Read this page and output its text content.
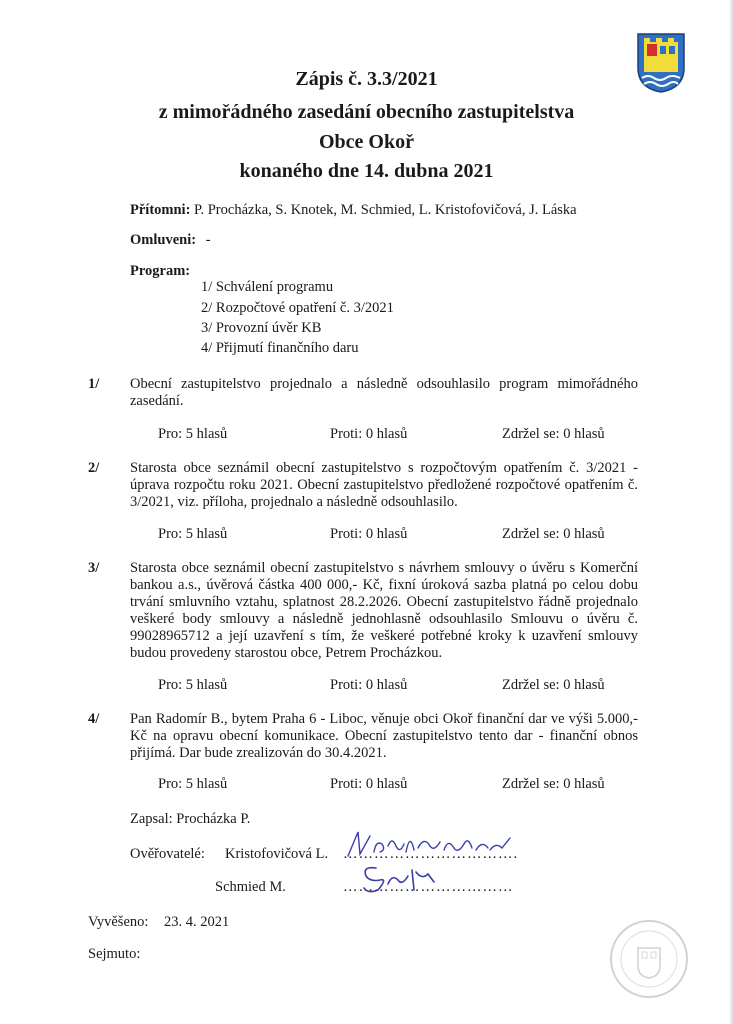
Zápis č. 3.3/2021
z mimořádného zasedání obecního zastupitelstva
Obce Okoř
konaného dne 14. dubna 2021
Přítomni: P. Procházka, S. Knotek, M. Schmied, L. Kristofovičová, J. Láska
Omluveni: -
Program:
1/ Schválení programu
2/ Rozpočtové opatření č. 3/2021
3/ Provozní úvěr KB
4/ Přijmutí finančního daru
1/ Obecní zastupitelstvo projednalo a následně odsouhlasilo program mimořádného
zasedání.
Pro: 5 hlasů	Proti: 0 hlasů	Zdržel se: 0 hlasů
2/ Starosta obce seznámil obecní zastupitelstvo s rozpočtovým opatřením č. 3/2021 -
úprava rozpočtu roku 2021. Obecní zastupitelstvo předložené rozpočtové opatřením č.
3/2021, viz. příloha, projednalo a následně odsouhlasilo.
Pro: 5 hlasů	Proti: 0 hlasů	Zdržel se: 0 hlasů
3/ Starosta obce seznámil obecní zastupitelstvo s návrhem smlouvy o úvěru s Komerční
bankou a.s., úvěrová částka 400 000,- Kč, fixní úroková sazba platná po celou dobu
trvání smluvního vztahu, splatnost 28.2.2026. Obecní zastupitelstvo řádně projednalo
veškeré body smlouvy a následně jednohlasně odsouhlasilo Smlouvu o úvěru č.
99028965712 a její uzavření s tím, že veškeré potřebné kroky k uzavření smlouvy
budou provedeny starostou obce, Petrem Procházkou.
Pro: 5 hlasů	Proti: 0 hlasů	Zdržel se: 0 hlasů
4/ Pan Radomír B., bytem Praha 6 - Liboc, věnuje obci Okoř finanční dar ve výši 5.000,-
Kč na opravu obecní komunikace. Obecní zastupitelstvo tento dar - finanční obnos
přijímá. Dar bude zrealizován do 30.4.2021.
Pro: 5 hlasů	Proti: 0 hlasů	Zdržel se: 0 hlasů
Zapsal: Procházka P.
Ověřovatelé: Kristofovičová L. …………………………….
Schmied M.	……………………………
Vyvěšeno: 23. 4. 2021
Sejmuto:
